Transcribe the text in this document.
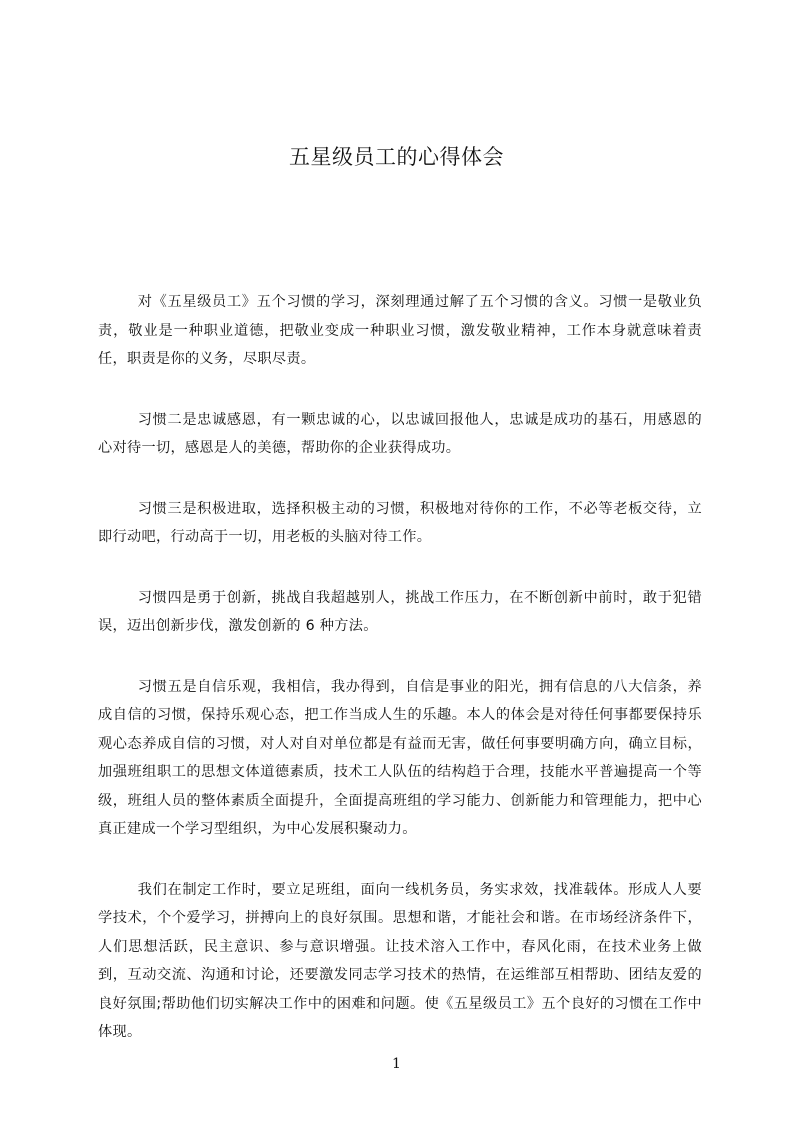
五星级员工的心得体会

对《五星级员工》五个习惯的学习，深刻理通过解了五个习惯的含义。习惯一是敬业负责，敬业是一种职业道德，把敬业变成一种职业习惯，激发敬业精神，工作本身就意味着责任，职责是你的义务，尽职尽责。

习惯二是忠诚感恩，有一颗忠诚的心，以忠诚回报他人，忠诚是成功的基石，用感恩的心对待一切，感恩是人的美德，帮助你的企业获得成功。

习惯三是积极进取，选择积极主动的习惯，积极地对待你的工作，不必等老板交待，立即行动吧，行动高于一切，用老板的头脑对待工作。

习惯四是勇于创新，挑战自我超越别人，挑战工作压力，在不断创新中前时，敢于犯错误，迈出创新步伐，激发创新的 6 种方法。

习惯五是自信乐观，我相信，我办得到，自信是事业的阳光，拥有信息的八大信条，养成自信的习惯，保持乐观心态，把工作当成人生的乐趣。本人的体会是对待任何事都要保持乐观心态养成自信的习惯，对人对自对单位都是有益而无害，做任何事要明确方向，确立目标，加强班组职工的思想文体道德素质，技术工人队伍的结构趋于合理，技能水平普遍提高一个等级，班组人员的整体素质全面提升，全面提高班组的学习能力、创新能力和管理能力，把中心真正建成一个学习型组织，为中心发展积聚动力。

我们在制定工作时，要立足班组，面向一线机务员，务实求效，找准载体。形成人人要学技术，个个爱学习，拼搏向上的良好氛围。思想和谐，才能社会和谐。在市场经济条件下，人们思想活跃，民主意识、参与意识增强。让技术溶入工作中，春风化雨，在技术业务上做到，互动交流、沟通和讨论，还要激发同志学习技术的热情，在运维部互相帮助、团结友爱的良好氛围;帮助他们切实解决工作中的困难和问题。使《五星级员工》五个良好的习惯在工作中体现。

1
